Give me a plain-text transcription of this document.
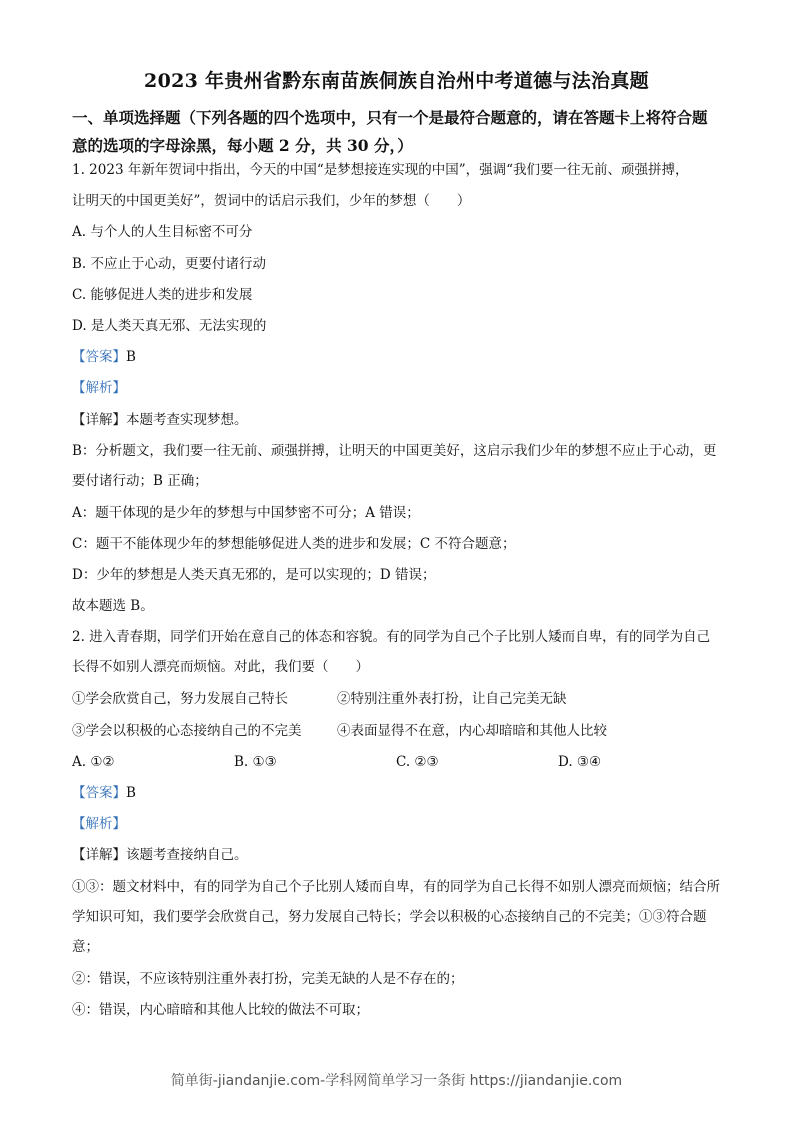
2023 年贵州省黔东南苗族侗族自治州中考道德与法治真题
一、单项选择题（下列各题的四个选项中，只有一个是最符合题意的，请在答题卡上将符合题意的选项的字母涂黑，每小题 2 分，共 30 分，）
1. 2023 年新年贺词中指出，今天的中国“是梦想接连实现的中国”，强调“我们要一往无前、顽强拼搏，
让明天的中国更美好”，贺词中的话启示我们，少年的梦想（　　）
A. 与个人的人生目标密不可分
B. 不应止于心动，更要付诸行动
C. 能够促进人类的进步和发展
D. 是人类天真无邪、无法实现的
【答案】B
【解析】
【详解】本题考查实现梦想。
B：分析题文，我们要一往无前、顽强拼搏，让明天的中国更美好，这启示我们少年的梦想不应止于心动，更要付诸行动；B 正确；
A：题干体现的是少年的梦想与中国梦密不可分；A 错误；
C：题干不能体现少年的梦想能够促进人类的进步和发展；C 不符合题意；
D：少年的梦想是人类天真无邪的，是可以实现的；D 错误；
故本题选 B。
2. 进入青春期，同学们开始在意自己的体态和容貌。有的同学为自己个子比别人矮而自卑，有的同学为自己长得不如别人漂亮而烦恼。对此，我们要（　　）
①学会欣赏自己，努力发展自己特长	②特别注重外表打扮，让自己完美无缺
③学会以积极的心态接纳自己的不完美	④表面显得不在意，内心却暗暗和其他人比较
A. ①②	B. ①③	C. ②③	D. ③④
【答案】B
【解析】
【详解】该题考查接纳自己。
①③：题文材料中，有的同学为自己个子比别人矮而自卑，有的同学为自己长得不如别人漂亮而烦恼；结合所学知识可知，我们要学会欣赏自己，努力发展自己特长；学会以积极的心态接纳自己的不完美；①③符合题意；
②：错误，不应该特别注重外表打扮，完美无缺的人是不存在的；
④：错误，内心暗暗和其他人比较的做法不可取；
简单街-jiandanjie.com-学科网简单学习一条街 https://jiandanjie.com
